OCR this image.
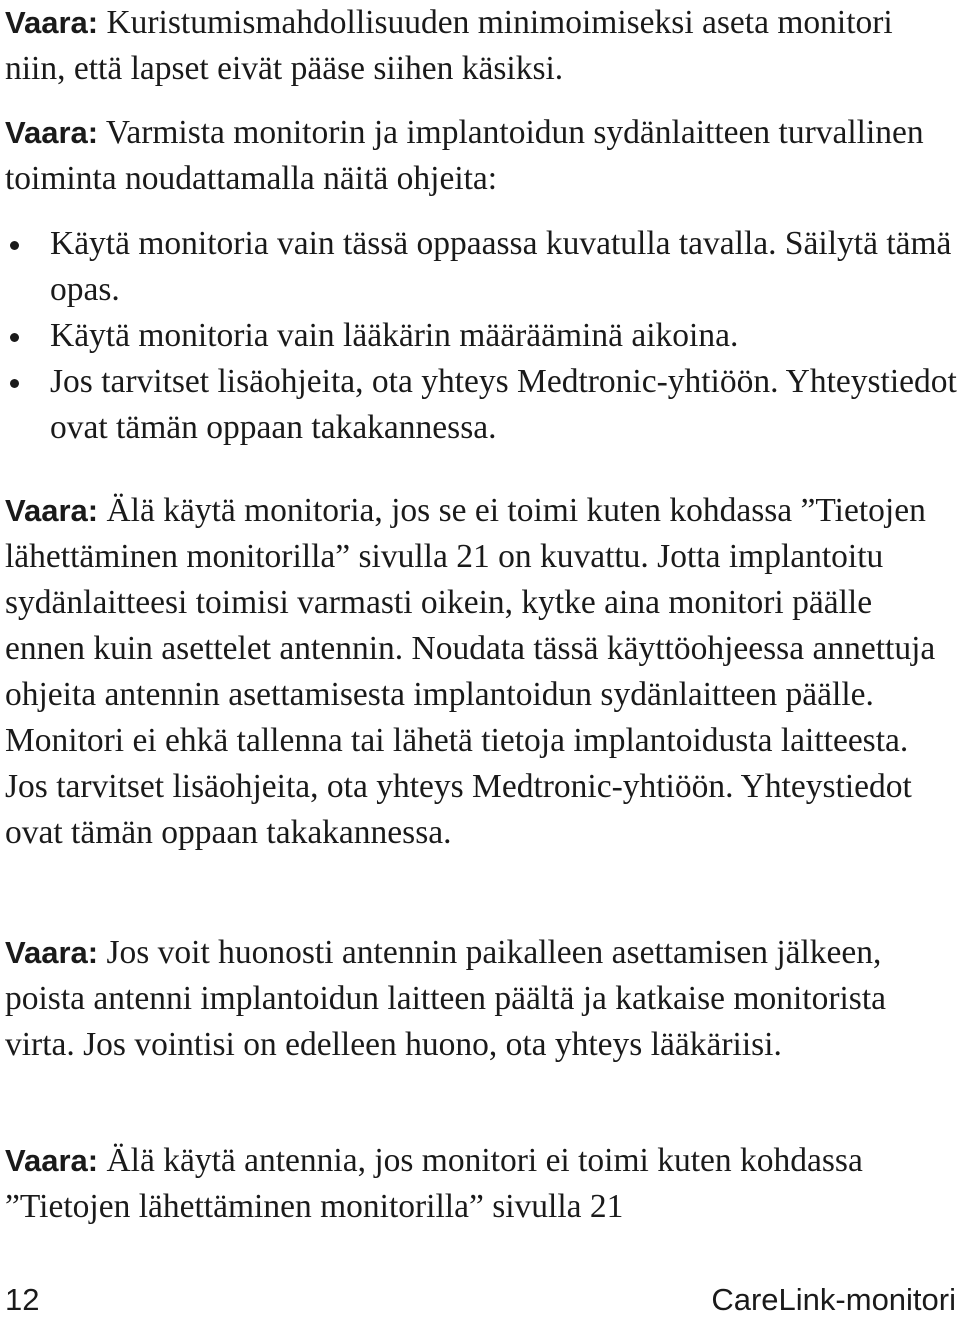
Vaara: Kuristumismahdollisuuden minimoimiseksi aseta monitori niin, että lapset eivät pääse siihen käsiksi.

Vaara: Varmista monitorin ja implantoidun sydänlaitteen turvallinen toiminta noudattamalla näitä ohjeita:

Käytä monitoria vain tässä oppaassa kuvatulla tavalla. Säilytä tämä opas.
Käytä monitoria vain lääkärin määrääminä aikoina.
Jos tarvitset lisäohjeita, ota yhteys Medtronic-yhtiöön. Yhteystiedot ovat tämän oppaan takakannessa.

Vaara: Älä käytä monitoria, jos se ei toimi kuten kohdassa ”Tietojen lähettäminen monitorilla” sivulla 21 on kuvattu. Jotta implantoitu sydänlaitteesi toimisi varmasti oikein, kytke aina monitori päälle ennen kuin asettelet antennin. Noudata tässä käyttöohjeessa annettuja ohjeita antennin asettamisesta implantoidun sydänlaitteen päälle. Monitori ei ehkä tallenna tai lähetä tietoja implantoidusta laitteesta. Jos tarvitset lisäohjeita, ota yhteys Medtronic-yhtiöön. Yhteystiedot ovat tämän oppaan takakannessa.

Vaara: Jos voit huonosti antennin paikalleen asettamisen jälkeen, poista antenni implantoidun laitteen päältä ja katkaise monitorista virta. Jos vointisi on edelleen huono, ota yhteys lääkäriisi.

Vaara: Älä käytä antennia, jos monitori ei toimi kuten kohdassa ”Tietojen lähettäminen monitorilla” sivulla 21

12	CareLink-monitori
